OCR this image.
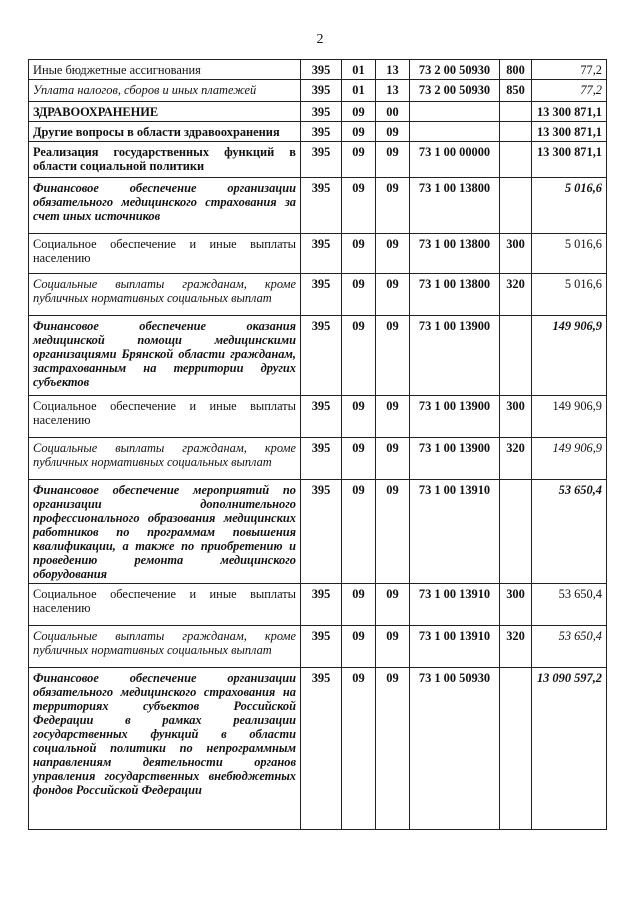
2
Иные бюджетные ассигнования	395	01	13	73 2 00 50930	800	77,2
Уплата налогов, сборов и иных платежей	395	01	13	73 2 00 50930	850	77,2
ЗДРАВООХРАНЕНИЕ	395	09	00			13 300 871,1
Другие вопросы в области здравоохранения	395	09	09			13 300 871,1
Реализация государственных функций в области социальной политики	395	09	09	73 1 00 00000		13 300 871,1
Финансовое обеспечение организации обязательного медицинского страхования за счет иных источников	395	09	09	73 1 00 13800		5 016,6
Социальное обеспечение и иные выплаты населению	395	09	09	73 1 00 13800	300	5 016,6
Социальные выплаты гражданам, кроме публичных нормативных социальных выплат	395	09	09	73 1 00 13800	320	5 016,6
Финансовое обеспечение оказания медицинской помощи медицинскими организациями Брянской области гражданам, застрахованным на территории других субъектов	395	09	09	73 1 00 13900		149 906,9
Социальное обеспечение и иные выплаты населению	395	09	09	73 1 00 13900	300	149 906,9
Социальные выплаты гражданам, кроме публичных нормативных социальных выплат	395	09	09	73 1 00 13900	320	149 906,9
Финансовое обеспечение мероприятий по организации дополнительного профессионального образования медицинских работников по программам повышения квалификации, а также по приобретению и проведению ремонта медицинского оборудования	395	09	09	73 1 00 13910		53 650,4
Социальное обеспечение и иные выплаты населению	395	09	09	73 1 00 13910	300	53 650,4
Социальные выплаты гражданам, кроме публичных нормативных социальных выплат	395	09	09	73 1 00 13910	320	53 650,4
Финансовое обеспечение организации обязательного медицинского страхования на территориях субъектов Российской Федерации в рамках реализации государственных функций в области социальной политики по непрограммным направлениям деятельности органов управления государственных внебюджетных фондов Российской Федерации	395	09	09	73 1 00 50930		13 090 597,2
